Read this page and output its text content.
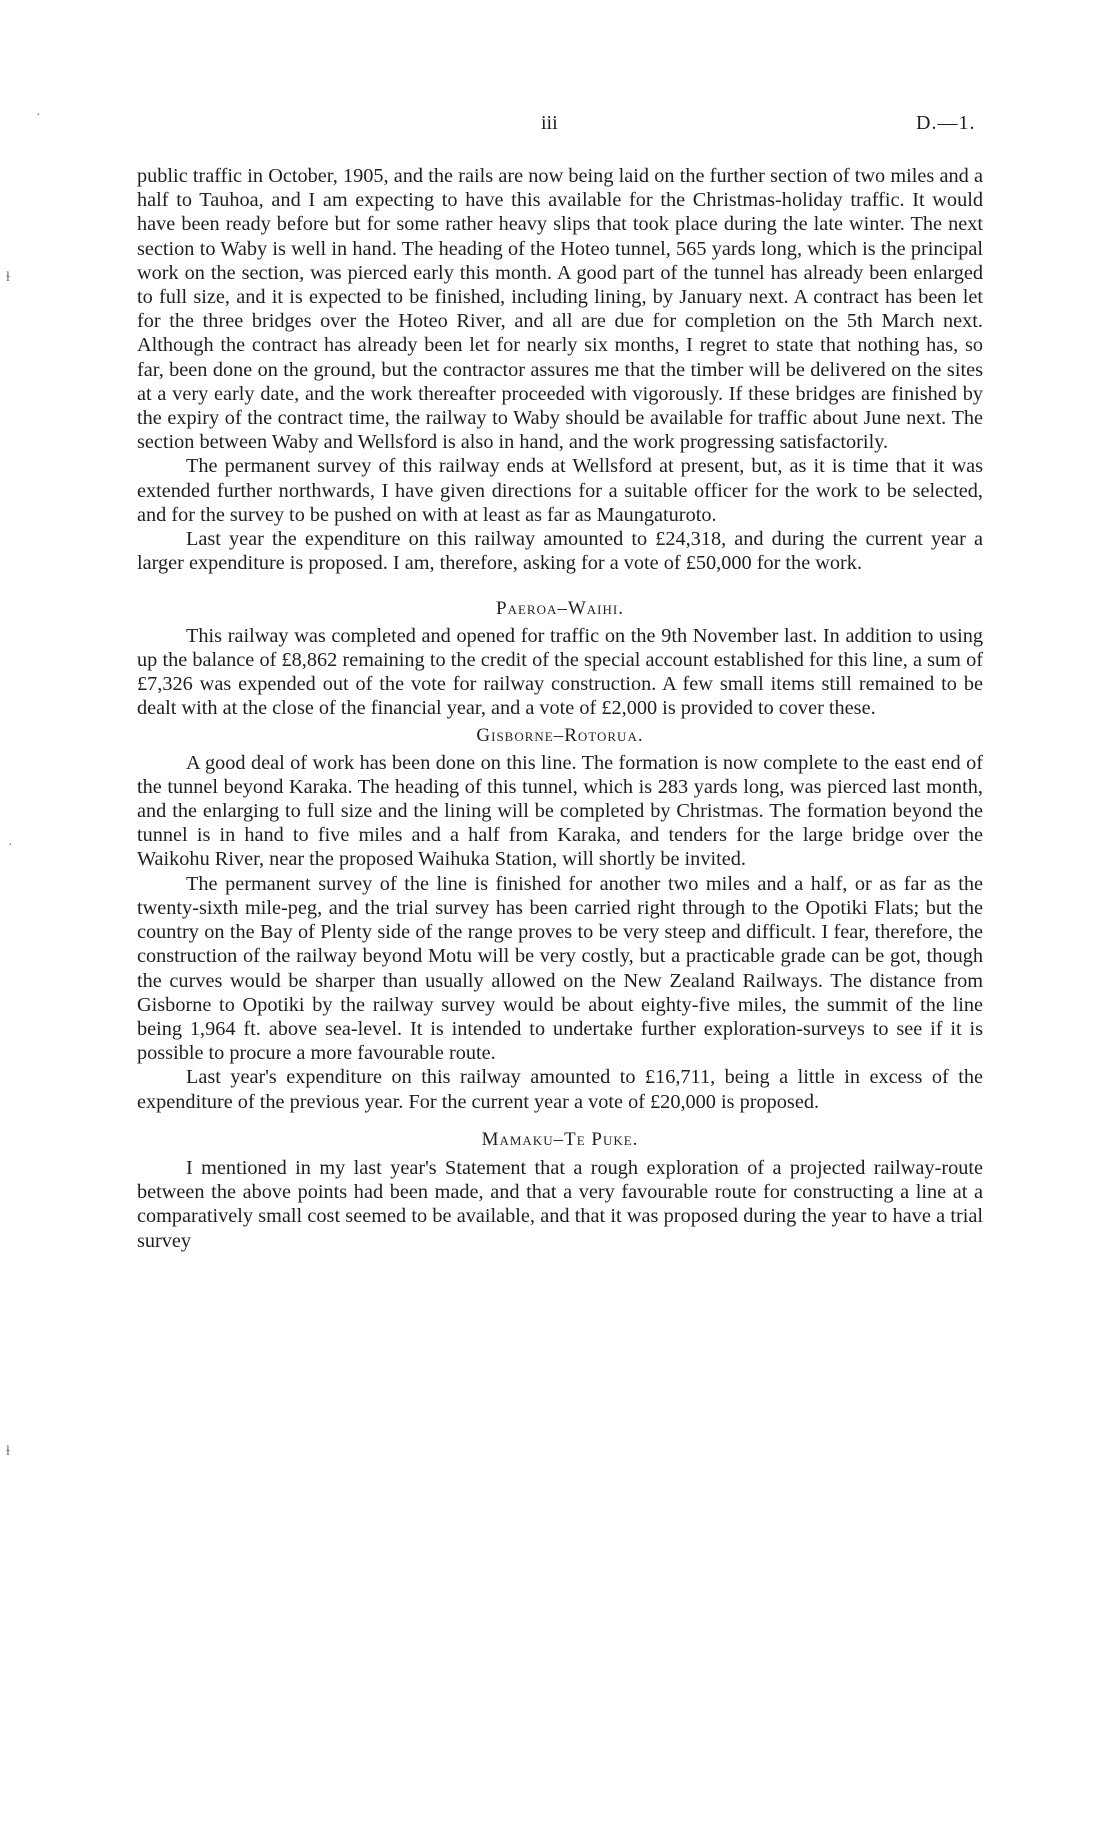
iii	D.—1.
·
ɫ
·
ɫ

public traffic in October, 1905, and the rails are now being laid on the further section of two miles and a half to Tauhoa, and I am expecting to have this available for the Christmas-holiday traffic. It would have been ready before but for some rather heavy slips that took place during the late winter. The next section to Waby is well in hand. The heading of the Hoteo tunnel, 565 yards long, which is the principal work on the section, was pierced early this month. A good part of the tunnel has already been enlarged to full size, and it is expected to be finished, including lining, by January next. A contract has been let for the three bridges over the Hoteo River, and all are due for completion on the 5th March next. Although the contract has already been let for nearly six months, I regret to state that nothing has, so far, been done on the ground, but the contractor assures me that the timber will be delivered on the sites at a very early date, and the work thereafter proceeded with vigorously. If these bridges are finished by the expiry of the contract time, the railway to Waby should be available for traffic about June next. The section between Waby and Wellsford is also in hand, and the work progressing satisfactorily.

The permanent survey of this railway ends at Wellsford at present, but, as it is time that it was extended further northwards, I have given directions for a suitable officer for the work to be selected, and for the survey to be pushed on with at least as far as Maungaturoto.

Last year the expenditure on this railway amounted to £24,318, and during the current year a larger expenditure is proposed. I am, therefore, asking for a vote of £50,000 for the work.

Paeroa–Waihi.

This railway was completed and opened for traffic on the 9th November last. In addition to using up the balance of £8,862 remaining to the credit of the special account established for this line, a sum of £7,326 was expended out of the vote for railway construction. A few small items still remained to be dealt with at the close of the financial year, and a vote of £2,000 is provided to cover these.

Gisborne–Rotorua.

A good deal of work has been done on this line. The formation is now complete to the east end of the tunnel beyond Karaka. The heading of this tunnel, which is 283 yards long, was pierced last month, and the enlarging to full size and the lining will be completed by Christmas. The formation beyond the tunnel is in hand to five miles and a half from Karaka, and tenders for the large bridge over the Waikohu River, near the proposed Waihuka Station, will shortly be invited.

The permanent survey of the line is finished for another two miles and a half, or as far as the twenty-sixth mile-peg, and the trial survey has been carried right through to the Opotiki Flats; but the country on the Bay of Plenty side of the range proves to be very steep and difficult. I fear, therefore, the construction of the railway beyond Motu will be very costly, but a practicable grade can be got, though the curves would be sharper than usually allowed on the New Zealand Railways. The distance from Gisborne to Opotiki by the railway survey would be about eighty-five miles, the summit of the line being 1,964 ft. above sea-level. It is intended to undertake further exploration-surveys to see if it is possible to procure a more favourable route.

Last year's expenditure on this railway amounted to £16,711, being a little in excess of the expenditure of the previous year. For the current year a vote of £20,000 is proposed.

Mamaku–Te Puke.

I mentioned in my last year's Statement that a rough exploration of a projected railway-route between the above points had been made, and that a very favourable route for constructing a line at a comparatively small cost seemed to be available, and that it was proposed during the year to have a trial survey
